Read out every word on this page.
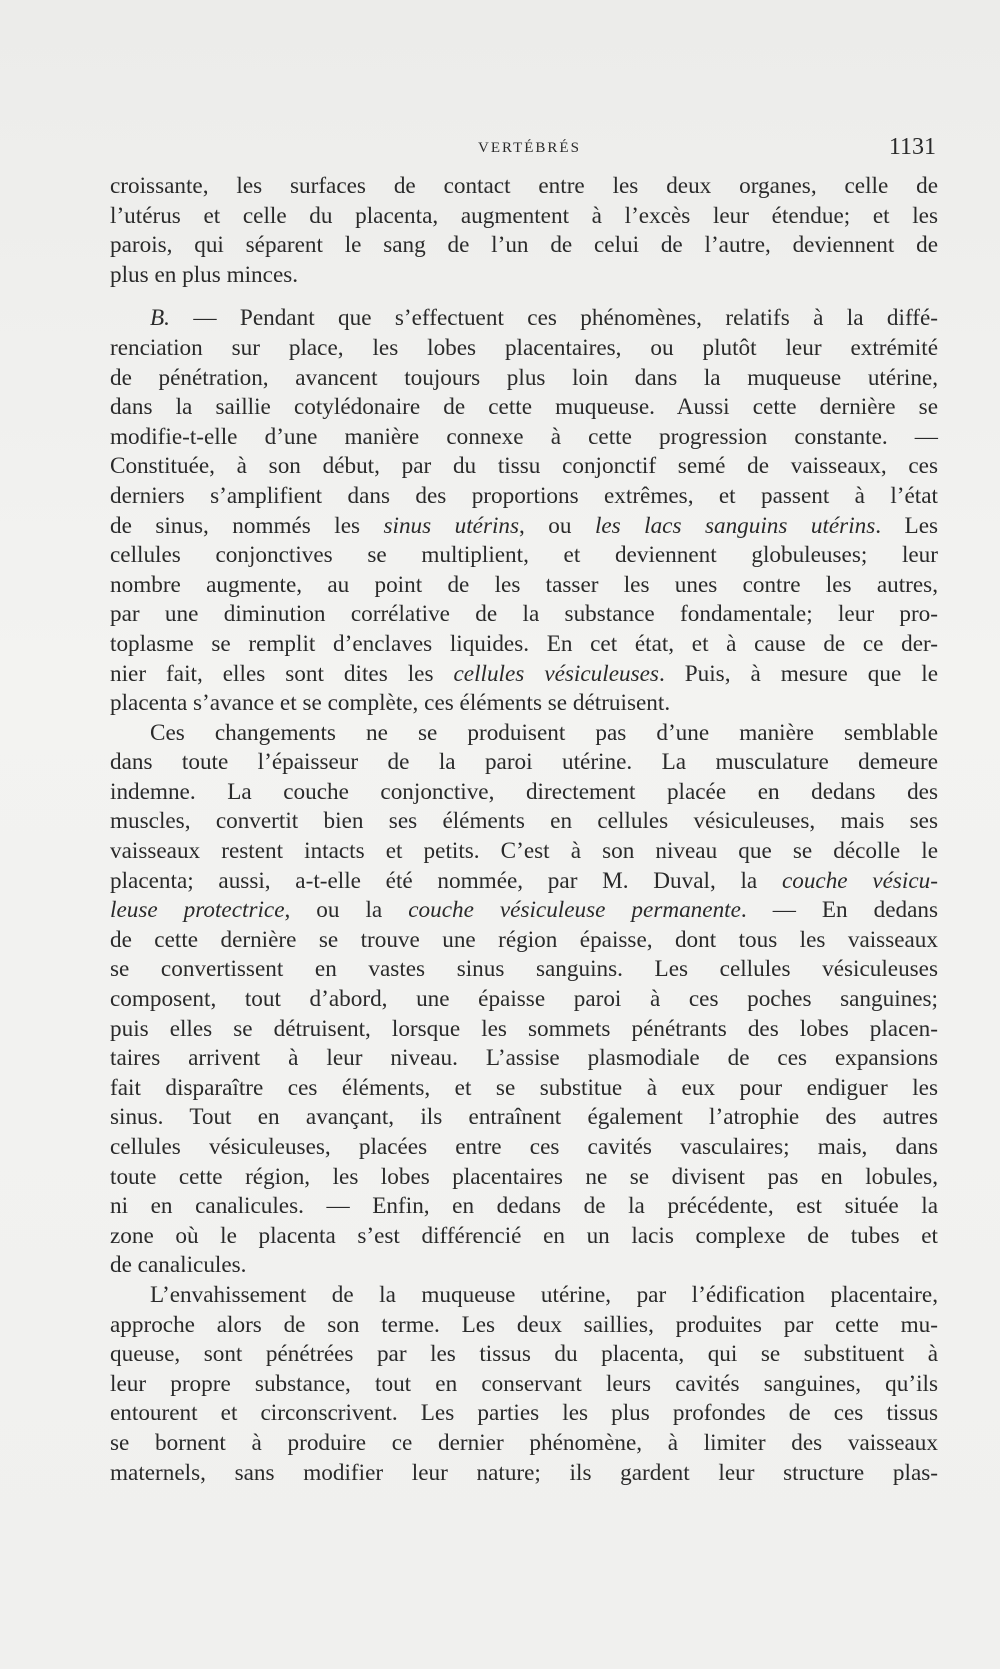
VERTÉBRÉS	1131

croissante, les surfaces de contact entre les deux organes, celle de
l’utérus et celle du placenta, augmentent à l’excès leur étendue; et les
parois, qui séparent le sang de l’un de celui de l’autre, deviennent de
plus en plus minces.

B. — Pendant que s’effectuent ces phénomènes, relatifs à la diffé-
renciation sur place, les lobes placentaires, ou plutôt leur extrémité
de pénétration, avancent toujours plus loin dans la muqueuse utérine,
dans la saillie cotylédonaire de cette muqueuse. Aussi cette dernière se
modifie-t-elle d’une manière connexe à cette progression constante. —
Constituée, à son début, par du tissu conjonctif semé de vaisseaux, ces
derniers s’amplifient dans des proportions extrêmes, et passent à l’état
de sinus, nommés les sinus utérins, ou les lacs sanguins utérins. Les
cellules conjonctives se multiplient, et deviennent globuleuses; leur
nombre augmente, au point de les tasser les unes contre les autres,
par une diminution corrélative de la substance fondamentale; leur pro-
toplasme se remplit d’enclaves liquides. En cet état, et à cause de ce der-
nier fait, elles sont dites les cellules vésiculeuses. Puis, à mesure que le
placenta s’avance et se complète, ces éléments se détruisent.

Ces changements ne se produisent pas d’une manière semblable
dans toute l’épaisseur de la paroi utérine. La musculature demeure
indemne. La couche conjonctive, directement placée en dedans des
muscles, convertit bien ses éléments en cellules vésiculeuses, mais ses
vaisseaux restent intacts et petits. C’est à son niveau que se décolle le
placenta; aussi, a-t-elle été nommée, par M. Duval, la couche vésicu-
leuse protectrice, ou la couche vésiculeuse permanente. — En dedans
de cette dernière se trouve une région épaisse, dont tous les vaisseaux
se convertissent en vastes sinus sanguins. Les cellules vésiculeuses
composent, tout d’abord, une épaisse paroi à ces poches sanguines;
puis elles se détruisent, lorsque les sommets pénétrants des lobes placen-
taires arrivent à leur niveau. L’assise plasmodiale de ces expansions
fait disparaître ces éléments, et se substitue à eux pour endiguer les
sinus. Tout en avançant, ils entraînent également l’atrophie des autres
cellules vésiculeuses, placées entre ces cavités vasculaires; mais, dans
toute cette région, les lobes placentaires ne se divisent pas en lobules,
ni en canalicules. — Enfin, en dedans de la précédente, est située la
zone où le placenta s’est différencié en un lacis complexe de tubes et
de canalicules.

L’envahissement de la muqueuse utérine, par l’édification placentaire,
approche alors de son terme. Les deux saillies, produites par cette mu-
queuse, sont pénétrées par les tissus du placenta, qui se substituent à
leur propre substance, tout en conservant leurs cavités sanguines, qu’ils
entourent et circonscrivent. Les parties les plus profondes de ces tissus
se bornent à produire ce dernier phénomène, à limiter des vaisseaux
maternels, sans modifier leur nature; ils gardent leur structure plas-
